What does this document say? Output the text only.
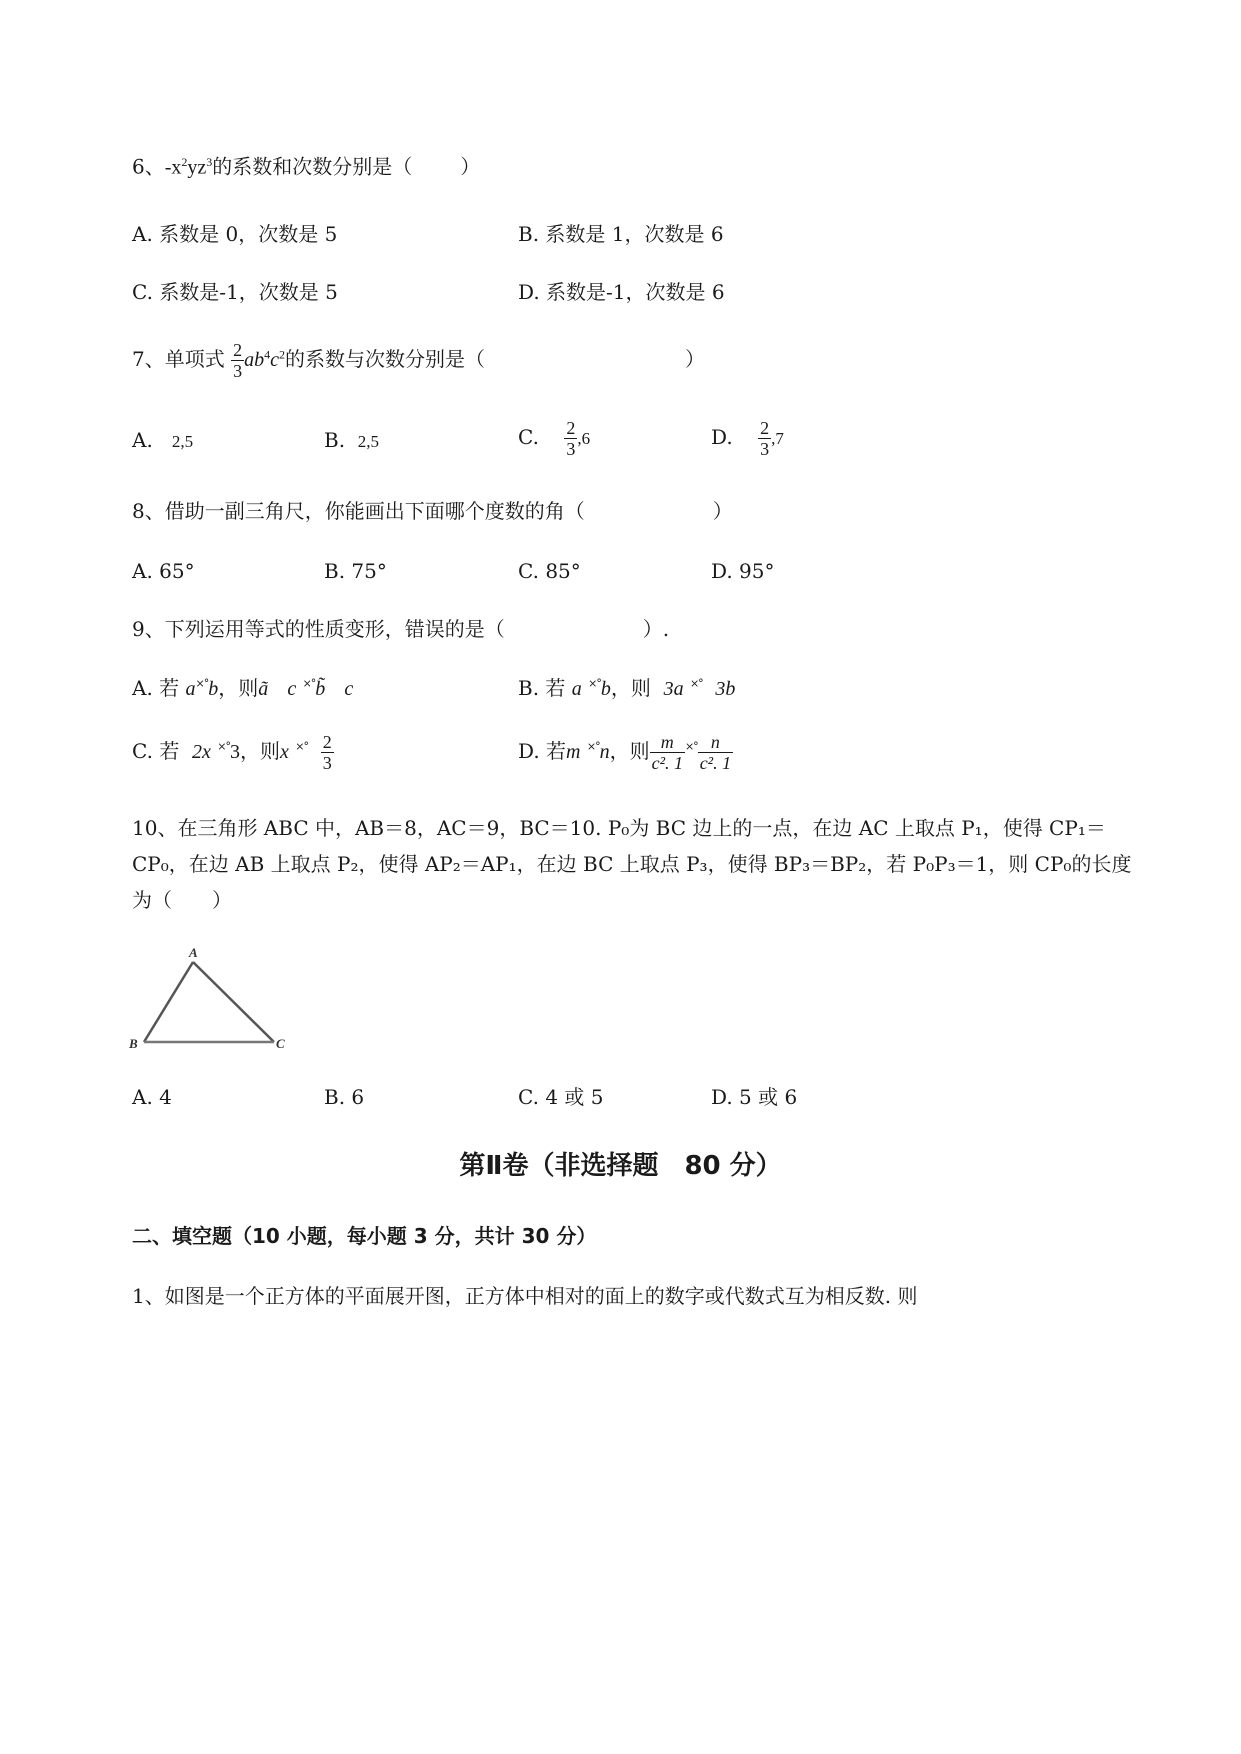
6、$-x^2yz^3$的系数和次数分别是（ ）
A. 系数是 0，次数是 5	B. 系数是 1，次数是 6
C. 系数是-1，次数是 5	D. 系数是-1，次数是 6
7、单项式 $\frac{2}{3} ab^4c^2$的系数与次数分别是（	）
A. 2,5	B. 2,5	C. $\frac{2}{3} ,6$	D. $\frac{2}{3} ,7$
8、借助一副三角尺，你能画出下面哪个度数的角（	）
A. 65°	B. 75°	C. 85°	D. 95°
9、下列运用等式的性质变形，错误的是（	）.
A. 若 a×°b，则ã c ×°b̃ c	B. 若 a ×°b，则 3a ×° 3b
C. 若 2x ×°3，则x $^{\times^\circ} \frac{2}{3}$	D. 若m ×°n，则 $\frac{m}{\text{c². 1}} ^{\times^\circ} \frac{n}{\text{c². 1}}$
10、在三角形 ABC 中，AB＝8，AC＝9，BC＝10. P₀为 BC 边上的一点，在边 AC 上取点 P₁，使得 CP₁＝
CP₀，在边 AB 上取点 P₂，使得 AP₂＝AP₁，在边 BC 上取点 P₃，使得 BP₃＝BP₂，若 P₀P₃＝1，则 CP₀的长度
为（　　）
A
B	C
A. 4	B. 6	C. 4 或 5	D. 5 或 6
第Ⅱ卷（非选择题　80 分）
二、填空题（10 小题，每小题 3 分，共计 30 分）
1、如图是一个正方体的平面展开图，正方体中相对的面上的数字或代数式互为相反数. 则
